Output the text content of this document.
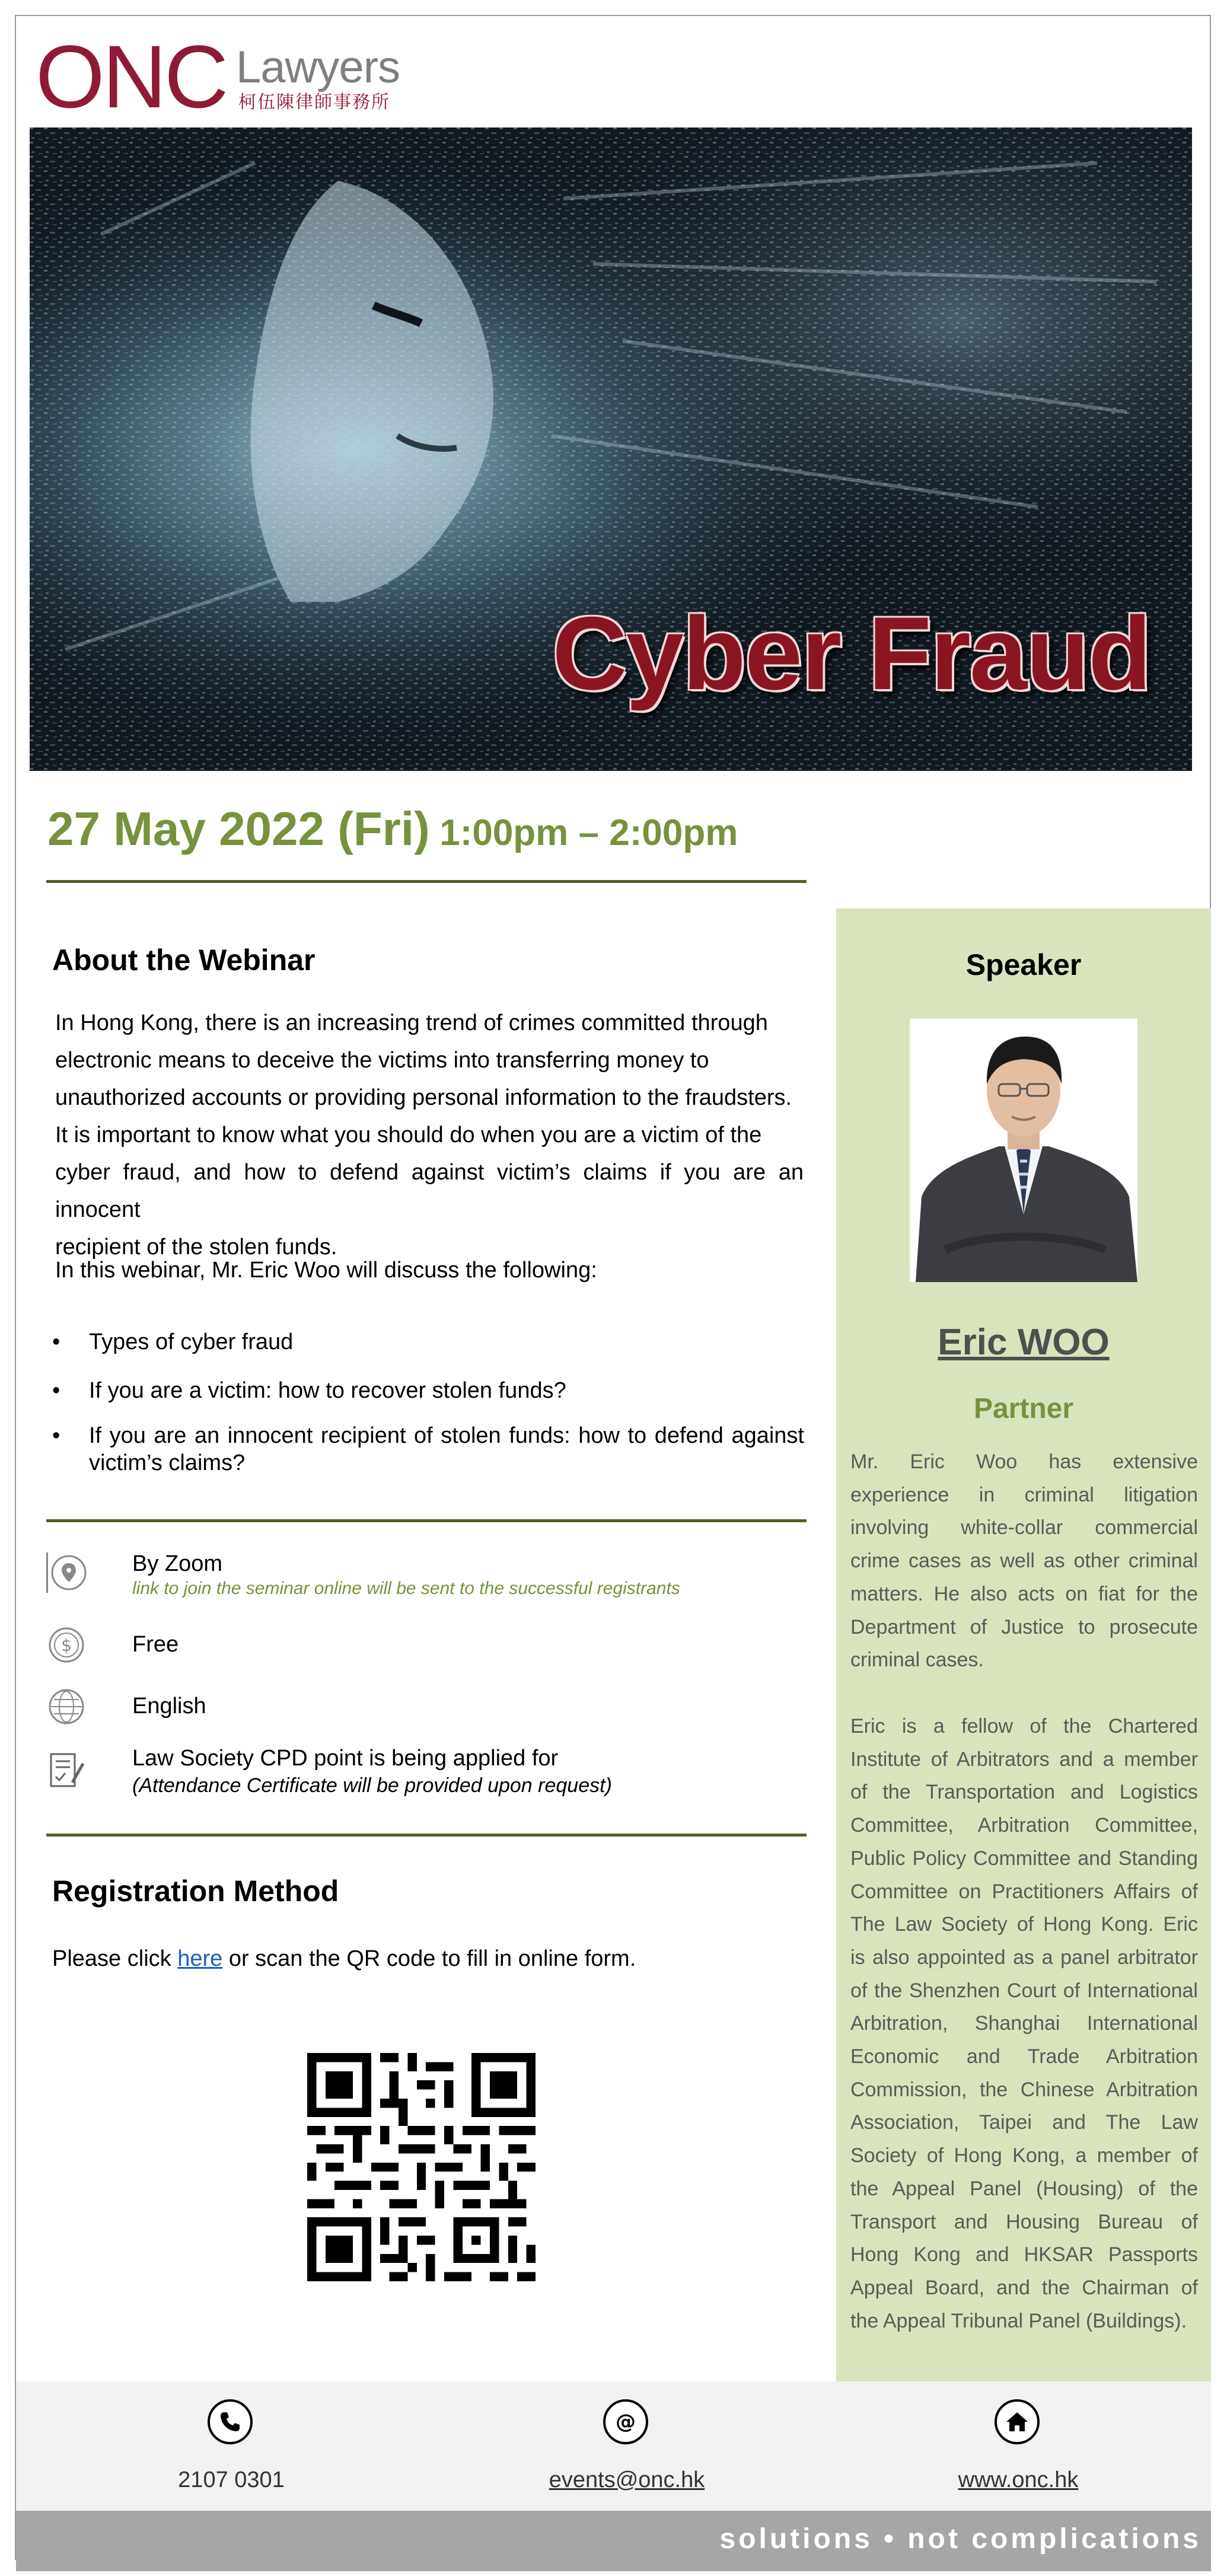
ONC Lawyers
柯伍陳律師事務所
Cyber Fraud
27 May 2022 (Fri) 1:00pm – 2:00pm
About the Webinar
In Hong Kong, there is an increasing trend of crimes committed through
electronic means to deceive the victims into transferring money to
unauthorized accounts or providing personal information to the fraudsters.
It is important to know what you should do when you are a victim of the
cyber fraud, and how to defend against victim’s claims if you are an innocent
recipient of the stolen funds.
In this webinar, Mr. Eric Woo will discuss the following:
•	Types of cyber fraud
•	If you are a victim: how to recover stolen funds?
•	If you are an innocent recipient of stolen funds: how to defend against victim’s claims?
By Zoom
link to join the seminar online will be sent to the successful registrants
$	Free
English
Law Society CPD point is being applied for
(Attendance Certificate will be provided upon request)
Registration Method
Please click here or scan the QR code to fill in online form.
Speaker
Eric WOO
Partner
Mr. Eric Woo has extensive
experience in criminal litigation
involving white-collar commercial
crime cases as well as other criminal
matters. He also acts on fiat for the
Department of Justice to prosecute
criminal cases.
Eric is a fellow of the Chartered
Institute of Arbitrators and a member
of the Transportation and Logistics
Committee, Arbitration Committee,
Public Policy Committee and Standing
Committee on Practitioners Affairs of
The Law Society of Hong Kong. Eric
is also appointed as a panel arbitrator
of the Shenzhen Court of International
Arbitration, Shanghai International
Economic and Trade Arbitration
Commission, the Chinese Arbitration
Association, Taipei and The Law
Society of Hong Kong, a member of
the Appeal Panel (Housing) of the
Transport and Housing Bureau of
Hong Kong and HKSAR Passports
Appeal Board, and the Chairman of
the Appeal Tribunal Panel (Buildings).
2107 0301
@
events@onc.hk	www.onc.hk
solutions • not complications
